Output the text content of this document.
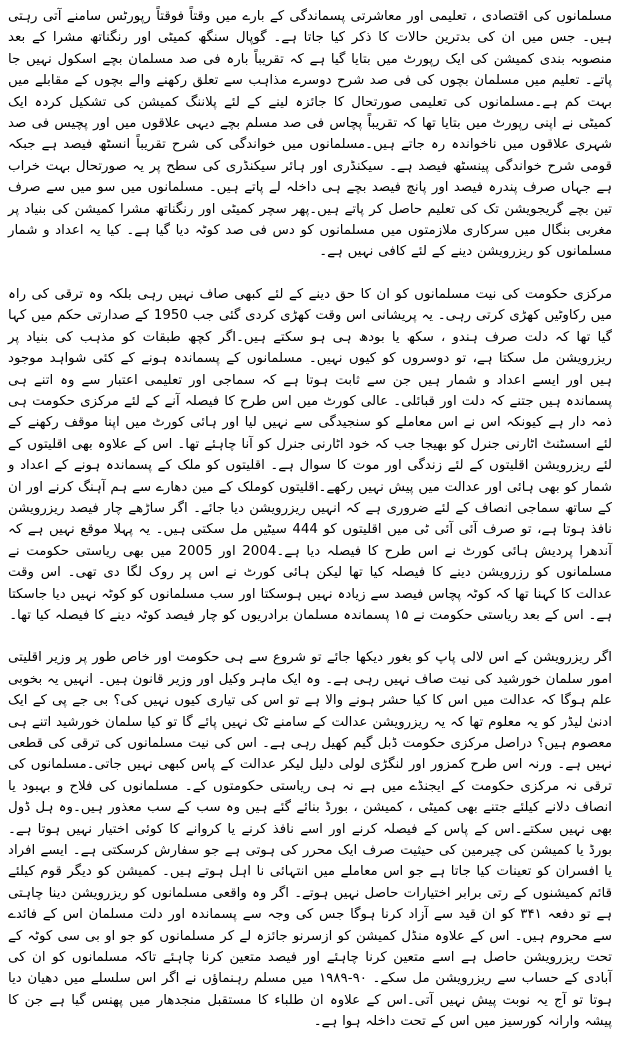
مسلمانوں کی اقتصادی ، تعلیمی اور معاشرتی پسماندگی کے بارے میں وقتاً فوقتاً رپورٹس سامنے آتی رہتی ہیں۔ جس میں ان کی بدترین حالات کا ذکر کیا جاتا ہے۔ گوپال سنگھ کمیٹی اور رنگناتھ مشرا کے بعد منصوبہ بندی کمیشن کی ایک رپورٹ میں بتایا گیا ہے کہ تقریباً بارہ فی صد مسلمان بچے اسکول نہیں جا پاتے۔ تعلیم میں مسلمان بچوں کی فی صد شرح دوسرے مذاہب سے تعلق رکھنے والے بچوں کے مقابلے میں بہت کم ہے۔مسلمانوں کی تعلیمی صورتحال کا جائزہ لینے کے لئے پلاننگ کمیشن کی تشکیل کردہ ایک کمیٹی نے اپنی رپورٹ میں بتایا تھا کہ تقریباً پچاس فی صد مسلم بچے دیہی علاقوں میں اور پچیس فی صد شہری علاقوں میں ناخواندہ رہ جاتے ہیں۔مسلمانوں میں خواندگی کی شرح تقریباً انسٹھ فیصد ہے جبکہ قومی شرح خواندگی پینسٹھ فیصد ہے۔ سیکنڈری اور ہائر سیکنڈری کی سطح پر یہ صورتحال بہت خراب ہے جہاں صرف پندرہ فیصد اور پانچ فیصد بچے ہی داخلہ لے پاتے ہیں۔ مسلمانوں میں سو میں سے صرف تین بچے گریجویشن تک کی تعلیم حاصل کر پاتے ہیں۔پھر سچر کمیٹی اور رنگناتھ مشرا کمیشن کی بنیاد پر مغربی بنگال میں سرکاری ملازمتوں میں مسلمانوں کو دس فی صد کوٹہ دیا گیا ہے۔ کیا یہ اعداد و شمار مسلمانوں کو ریزرویشن دینے کے لئے کافی نہیں ہے۔

مرکزی حکومت کی نیت مسلمانوں کو ان کا حق دینے کے لئے کبھی صاف نہیں رہی بلکہ وہ ترقی کی راہ میں رکاوٹیں کھڑی کرتی رہی۔ یہ پریشانی اس وقت کھڑی کردی گئی جب 1950 کے صدارتی حکم میں کہا گیا تھا کہ دلت صرف ہندو ، سکھ یا بودھ ہی ہو سکتے ہیں۔اگر کچھ طبقات کو مذہب کی بنیاد پر ریزرویشن مل سکتا ہے، تو دوسروں کو کیوں نہیں۔ مسلمانوں کے پسماندہ ہونے کے کئی شواہد موجود ہیں اور ایسے اعداد و شمار ہیں جن سے ثابت ہوتا ہے کہ سماجی اور تعلیمی اعتبار سے وہ اتنے ہی پسماندہ ہیں جتنے کہ دلت اور قبائلی۔ عالی کورٹ میں اس طرح کا فیصلہ آنے کے لئے مرکزی حکومت ہی ذمہ دار ہے کیونکہ اس نے اس معاملے کو سنجیدگی سے نہیں لیا اور ہائی کورٹ میں اپنا موقف رکھنے کے لئے اسسٹنٹ اٹارنی جنرل کو بھیجا جب کہ خود اٹارنی جنرل کو آنا چاہئے تھا۔ اس کے علاوہ بھی اقلیتوں کے لئے ریزرویشن اقلیتوں کے لئے زندگی اور موت کا سوال ہے۔ اقلیتوں کو ملک کے پسماندہ ہونے کے اعداد و شمار کو بھی ہائی اور عدالت میں پیش نہیں رکھے۔اقلیتوں کوملک کے مین دھارے سے ہم آہنگ کرنے اور ان کے ساتھ سماجی انصاف کے لئے ضروری ہے کہ انہیں ریزرویشن دیا جائے۔ اگر ساڑھے چار فیصد ریزرویشن نافذ ہوتا ہے، تو صرف آئی آئی ٹی میں اقلیتوں کو 444 سیٹیں مل سکتی ہیں۔ یہ پہلا موقع نہیں ہے کہ آندھرا پردیش ہائی کورٹ نے اس طرح کا فیصلہ دیا ہے۔2004 اور 2005 میں بھی ریاستی حکومت نے مسلمانوں کو رزرویشن دینے کا فیصلہ کیا تھا لیکن ہائی کورٹ نے اس پر روک لگا دی تھی۔ اس وقت عدالت کا کہنا تھا کہ کوٹہ پچاس فیصد سے زیادہ نہیں ہوسکتا اور سب مسلمانوں کو کوٹہ نہیں دیا جاسکتا ہے۔ اس کے بعد ریاستی حکومت نے ۱۵ پسماندہ مسلمان برادریوں کو چار فیصد کوٹہ دینے کا فیصلہ کیا تھا۔

اگر ریزرویشن کے اس لالی پاپ کو بغور دیکھا جائے تو شروع سے ہی حکومت اور خاص طور پر وزیر اقلیتی امور سلمان خورشید کی نیت صاف نہیں رہی ہے۔ وہ ایک ماہر وکیل اور وزیر قانون ہیں۔ انہیں یہ بخوبی علم ہوگا کہ عدالت میں اس کا کیا حشر ہونے والا ہے تو اس کی تیاری کیوں نہیں کی؟ بی جے پی کے ایک ادنیٰ لیڈر کو یہ معلوم تھا کہ یہ ریزرویشن عدالت کے سامنے ٹک نہیں پائے گا تو کیا سلمان خورشید اتنے ہی معصوم ہیں؟ دراصل مرکزی حکومت ڈبل گیم کھیل رہی ہے۔ اس کی نیت مسلمانوں کی ترقی کی قطعی نہیں ہے۔ ورنہ اس طرح کمزور اور لنگڑی لولی دلیل لیکر عدالت کے پاس کبھی نہیں جاتی۔مسلمانوں کی ترقی نہ مرکزی حکومت کے ایجنڈے میں ہے نہ ہی ریاستی حکومتوں کے۔ مسلمانوں کی فلاح و بہبود یا انصاف دلانے کیلئے جتنے بھی کمیٹی ، کمیشن ، بورڈ بنائے گئے ہیں وہ سب کے سب معذور ہیں۔وہ ہل ڈول بھی نہیں سکتے۔اس کے پاس کے فیصلہ کرنے اور اسے نافذ کرنے یا کروانے کا کوئی اختیار نہیں ہوتا ہے۔ بورڈ یا کمیشن کی چیرمین کی حیثیت صرف ایک محرر کی ہوتی ہے جو سفارش کرسکتی ہے۔ ایسے افراد یا افسران کو تعینات کیا جاتا ہے جو اس معاملے میں انتہائی نا اہل ہوتے ہیں۔ کمیشن کو دیگر قوم کیلئے قائم کمیشنوں کے رتی برابر اختیارات حاصل نہیں ہوتے۔ اگر وہ واقعی مسلمانوں کو ریزرویشن دینا چاہتی ہے تو دفعہ ۳۴۱ کو ان قید سے آزاد کرنا ہوگا جس کی وجہ سے پسماندہ اور دلت مسلمان اس کے فائدے سے محروم ہیں۔ اس کے علاوہ منڈل کمیشن کو ازسرنو جائزہ لے کر مسلمانوں کو جو او بی سی کوٹہ کے تحت ریزرویشن حاصل ہے اسے متعین کرنا چاہئے اور فیصد متعین کرنا چاہئے تاکہ مسلمانوں کو ان کی آبادی کے حساب سے ریزرویشن مل سکے۔ ۹۰-۱۹۸۹ میں مسلم رہنماؤں نے اگر اس سلسلے میں دھیان دیا ہوتا تو آج یہ نوبت پیش نہیں آتی۔اس کے علاوہ ان طلباء کا مستقبل منجدھار میں پھنس گیا ہے جن کا پیشہ وارانہ کورسیز میں اس کے تحت داخلہ ہوا ہے۔
